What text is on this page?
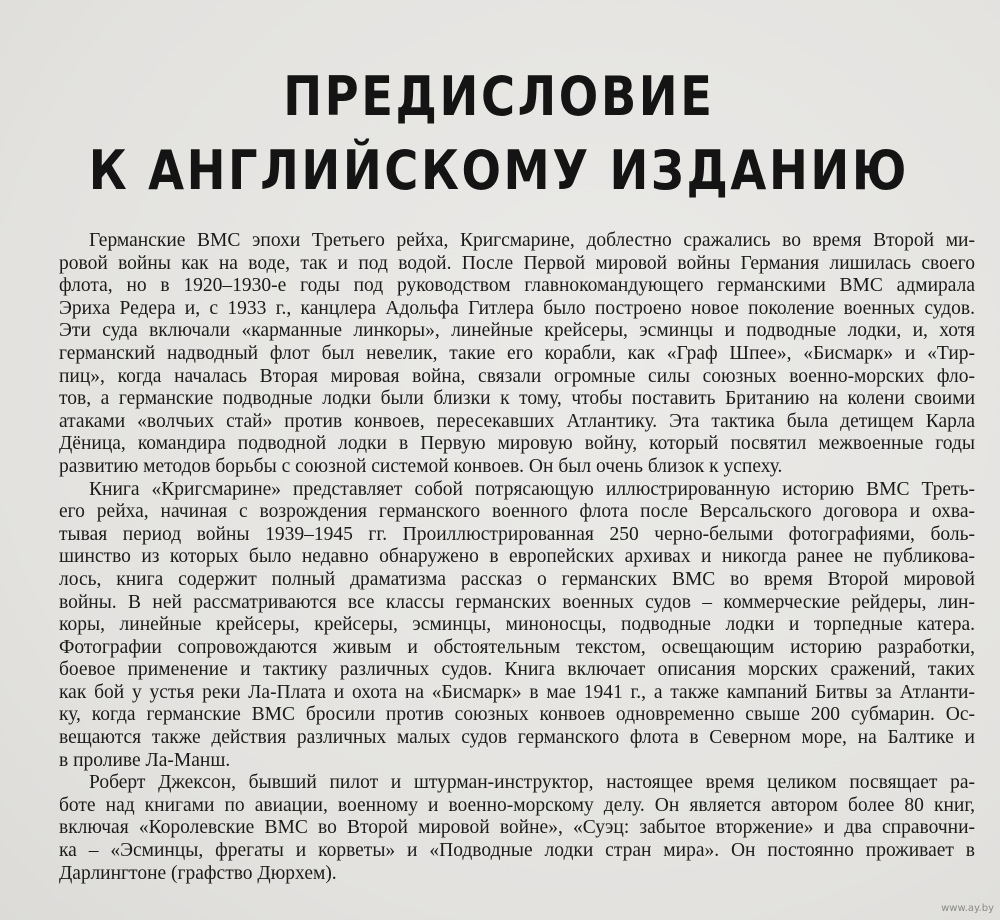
ПРЕДИСЛОВИЕ
К АНГЛИЙСКОМУ ИЗДАНИЮ
Германские ВМС эпохи Третьего рейха, Кригсмарине, доблестно сражались во время Второй ми-
ровой войны как на воде, так и под водой. После Первой мировой войны Германия лишилась своего
флота, но в 1920–1930-е годы под руководством главнокомандующего германскими ВМС адмирала
Эриха Редера и, с 1933 г., канцлера Адольфа Гитлера было построено новое поколение военных судов.
Эти суда включали «карманные линкоры», линейные крейсеры, эсминцы и подводные лодки, и, хотя
германский надводный флот был невелик, такие его корабли, как «Граф Шпее», «Бисмарк» и «Тир-
пиц», когда началась Вторая мировая война, связали огромные силы союзных военно-морских фло-
тов, а германские подводные лодки были близки к тому, чтобы поставить Британию на колени своими
атаками «волчьих стай» против конвоев, пересекавших Атлантику. Эта тактика была детищем Карла
Дёница, командира подводной лодки в Первую мировую войну, который посвятил межвоенные годы
развитию методов борьбы с союзной системой конвоев. Он был очень близок к успеху.
Книга «Кригсмарине» представляет собой потрясающую иллюстрированную историю ВМС Треть-
его рейха, начиная с возрождения германского военного флота после Версальского договора и охва-
тывая период войны 1939–1945 гг. Проиллюстрированная 250 черно-белыми фотографиями, боль-
шинство из которых было недавно обнаружено в европейских архивах и никогда ранее не публикова-
лось, книга содержит полный драматизма рассказ о германских ВМС во время Второй мировой
войны. В ней рассматриваются все классы германских военных судов – коммерческие рейдеры, лин-
коры, линейные крейсеры, крейсеры, эсминцы, миноносцы, подводные лодки и торпедные катера.
Фотографии сопровождаются живым и обстоятельным текстом, освещающим историю разработки,
боевое применение и тактику различных судов. Книга включает описания морских сражений, таких
как бой у устья реки Ла-Плата и охота на «Бисмарк» в мае 1941 г., а также кампаний Битвы за Атланти-
ку, когда германские ВМС бросили против союзных конвоев одновременно свыше 200 субмарин. Ос-
вещаются также действия различных малых судов германского флота в Северном море, на Балтике и
в проливе Ла-Манш.
Роберт Джексон, бывший пилот и штурман-инструктор, настоящее время целиком посвящает ра-
боте над книгами по авиации, военному и военно-морскому делу. Он является автором более 80 книг,
включая «Королевские ВМС во Второй мировой войне», «Суэц: забытое вторжение» и два справочни-
ка – «Эсминцы, фрегаты и корветы» и «Подводные лодки стран мира». Он постоянно проживает в
Дарлингтоне (графство Дюрхем).
www.ay.by
